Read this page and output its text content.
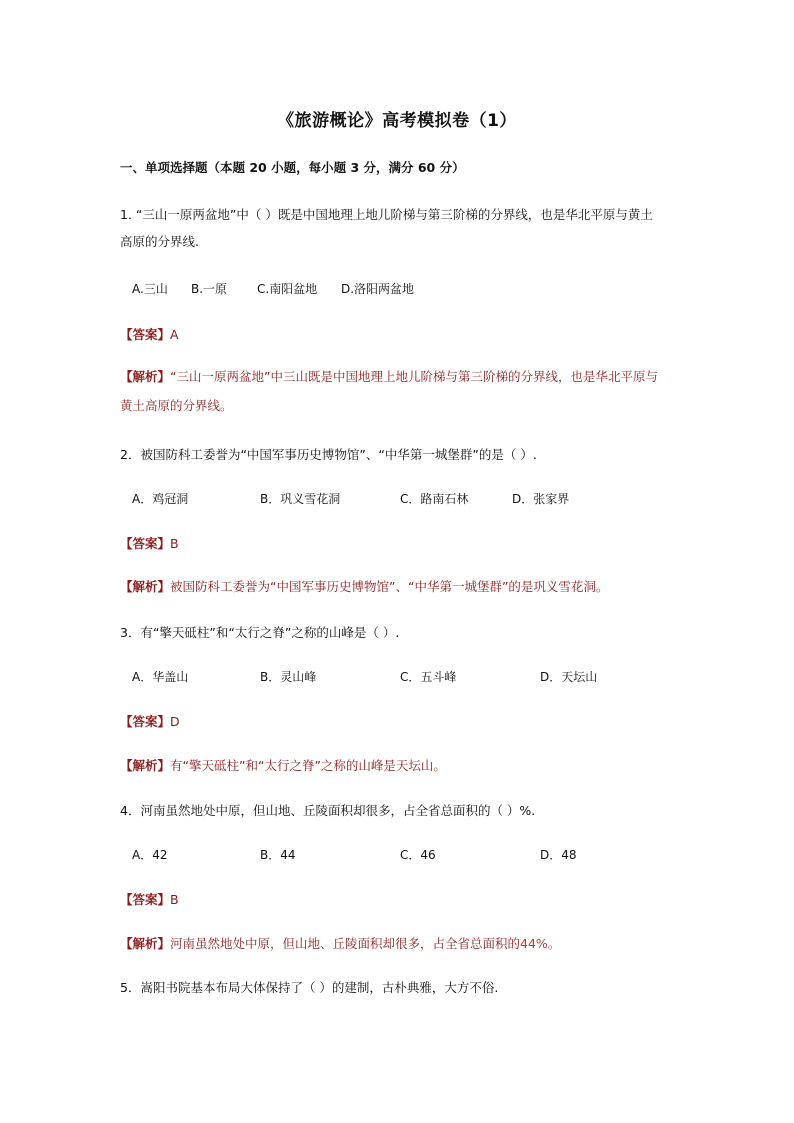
《旅游概论》高考模拟卷（1）
一、单项选择题（本题 20 小题，每小题 3 分，满分 60 分）
1. “三山一原两盆地”中（ ）既是中国地理上地儿阶梯与第三阶梯的分界线，也是华北平原与黄土高原的分界线.
A.三山 B.一原 C.南阳盆地 D.洛阳两盆地
【答案】A
【解析】“三山一原两盆地”中三山既是中国地理上地儿阶梯与第三阶梯的分界线，也是华北平原与黄土高原的分界线。
2．被国防科工委誉为“中国军事历史博物馆”、“中华第一城堡群”的是（ ）.
A．鸡冠洞	B．巩义雪花洞	C．路南石林	D．张家界
【答案】B
【解析】被国防科工委誉为“中国军事历史博物馆”、“中华第一城堡群”的是巩义雪花洞。
3．有“擎天砥柱”和“太行之脊”之称的山峰是（ ）.
A．华盖山	B．灵山峰	C．五斗峰	D．天坛山
【答案】D
【解析】有“擎天砥柱”和“太行之脊”之称的山峰是天坛山。
4．河南虽然地处中原，但山地、丘陵面积却很多，占全省总面积的（ ）%.
A．42	B．44	C．46	D．48
【答案】B
【解析】河南虽然地处中原，但山地、丘陵面积却很多，占全省总面积的44%。
5．嵩阳书院基本布局大体保持了（ ）的建制，古朴典雅，大方不俗.
